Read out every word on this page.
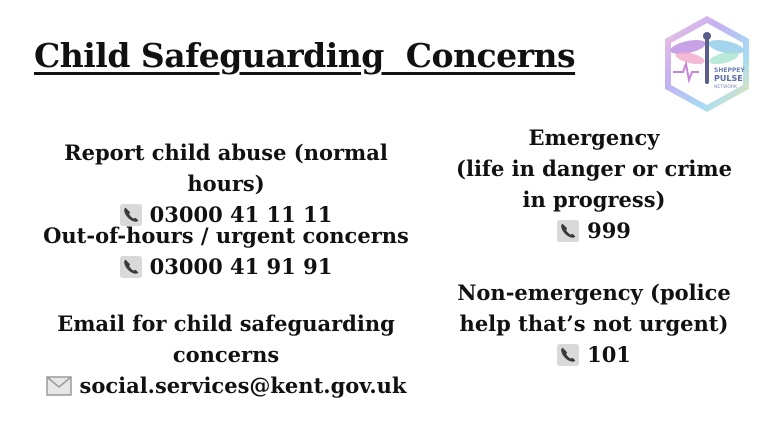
Child Safeguarding  Concerns	SHEPPEY
PULSE
NETWORK
Report child abuse (normal hours)
03000 41 11 11
Out-of-hours / urgent concerns
03000 41 91 91
Email for child safeguarding
concerns
social.services@kent.gov.uk
Emergency
(life in danger or crime
in progress)
999
Non-emergency (police
help that’s not urgent)
101
